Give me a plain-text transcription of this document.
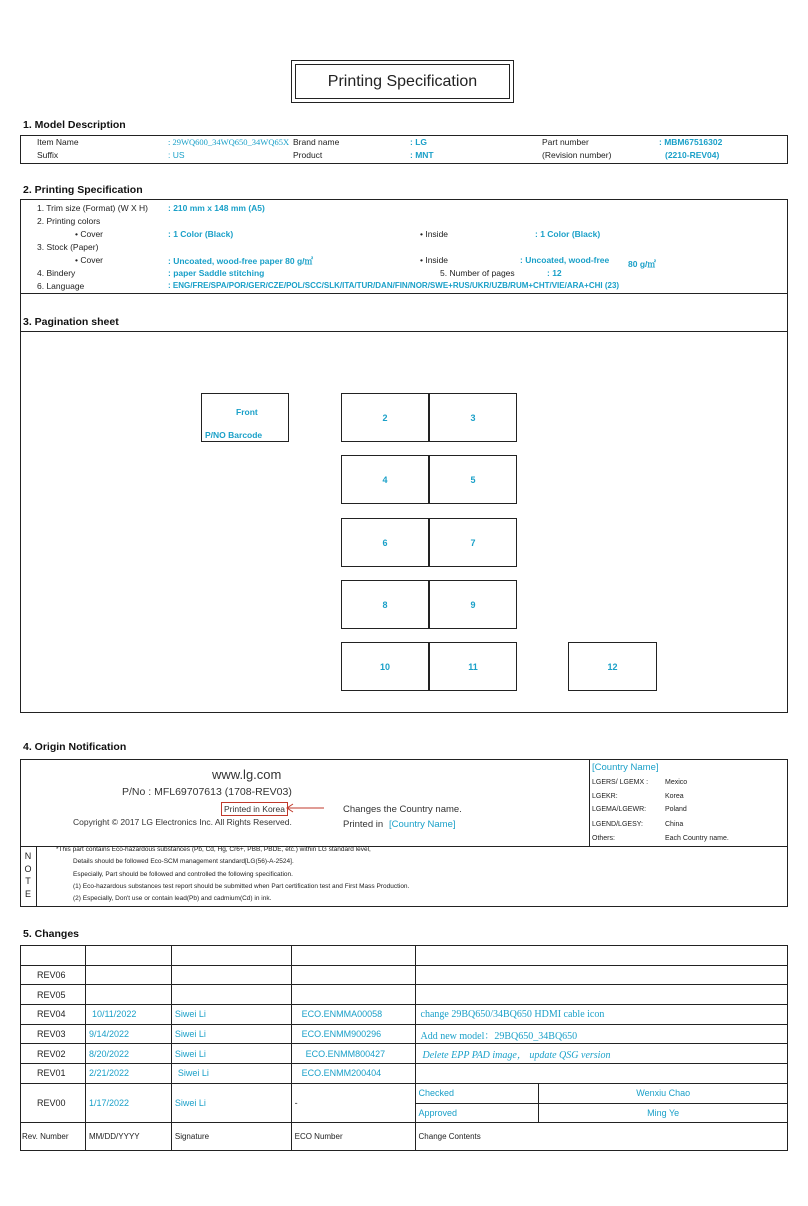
Printing Specification
1. Model Description
Item Name	: 29WQ600_34WQ650_34WQ65X Brand name	: LG	Part number	: MBM67516302
Suffix	: US	Product	: MNT	(Revision number)	(2210-REV04)
2. Printing Specification
1. Trim size (Format) (W X H) : 210 mm x 148 mm (A5)
2. Printing colors
• Cover	: 1 Color (Black)	• Inside	: 1 Color (Black)
3. Stock (Paper)
• Cover	: Uncoated, wood-free paper 80 g/㎡	• Inside	: Uncoated, wood-free 80 g/㎡
4. Bindery	: paper Saddle stitching	5. Number of pages	: 12
6. Language	: ENG/FRE/SPA/POR/GER/CZE/POL/SCC/SLK/ITA/TUR/DAN/FIN/NOR/SWE+RUS/UKR/UZB/RUM+CHT/VIE/ARA+CHI (23)
3. Pagination sheet
Front
P/NO Barcode
2	3
4	5
6	7
8	9
10	11	12
4. Origin Notification
www.lg.com
P/No : MFL69707613 (1708-REV03)
Printed in Korea
Copyright © 2017 LG Electronics Inc. All Rights Reserved.
Changes the Country name.
Printed in [Country Name]
[Country Name]
LGERS/ LGEMX : Mexico
LGEKR:	Korea
LGEMA/LGEWR:	Poland
LGEND/LGESY:	China
Others:	Each Country name.
N
O
T
E
*This part contains Eco-hazardous substances (Pb, Cd, Hg, Cr6+, PBB, PBDE, etc.) within LG standard level,
Details should be followed Eco-SCM management standard[LG(56)-A-2524].
Especially, Part should be followed and controlled the following specification.
(1) Eco-hazardous substances test report should be submitted when Part certification test and First Mass Production.
(2) Especially, Don't use or contain lead(Pb) and cadmium(Cd) in ink.
5. Changes

REV06					
REV05					
REV04	10/11/2022	Siwei Li	ECO.ENMMA00058	change 29BQ650/34BQ650 HDMI cable icon	
REV03	9/14/2022	Siwei Li	ECO.ENMM900296	Add new model：29BQ650_34BQ650	
REV02	8/20/2022	Siwei Li	ECO.ENMM800427	Delete EPP PAD image， update QSG version	
REV01	2/21/2022	Siwei Li	ECO.ENMM200404		
REV00	1/17/2022	Siwei Li	-	Checked	Wenxiu Chao
				Approved	Ming Ye
Rev. Number	MM/DD/YYYY	Signature	ECO Number	Change Contents	
